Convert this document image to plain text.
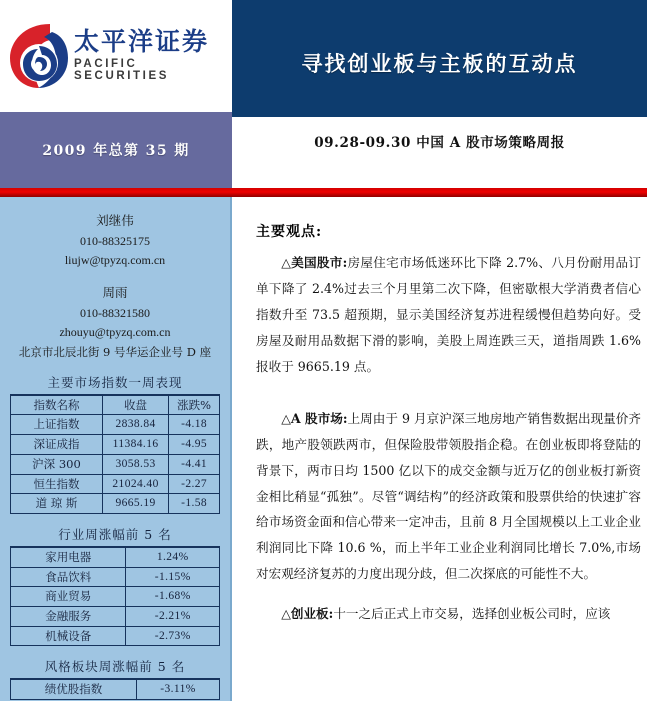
太平洋证券
PACIFIC SECURITIES	寻找创业板与主板的互动点
2009 年总第 35 期	09.28-09.30 中国 A 股市场策略周报
刘继伟
010-88325175
liujw@tpyzq.com.cn
周雨
010-88321580
zhouyu@tpyzq.com.cn
北京市北辰北街 9 号华运企业号 D 座
主要市场指数一周表现
指数名称	收盘	涨跌%
上证指数	2838.84	-4.18
深证成指	11384.16	-4.95
沪深 300	3058.53	-4.41
恒生指数	21024.40	-2.27
道 琼 斯	9665.19	-1.58
行业周涨幅前 5 名
家用电器	1.24%
食品饮料	-1.15%
商业贸易	-1.68%
金融服务	-2.21%
机械设备	-2.73%
风格板块周涨幅前 5 名
绩优股指数	-3.11%
主要观点:

△美国股市:房屋住宅市场低迷环比下降 2.7%、八月份耐用品订单下降了 2.4%过去三个月里第二次下降，但密歇根大学消费者信心指数升至 73.5 超预期，显示美国经济复苏进程缓慢但趋势向好。受房屋及耐用品数据下滑的影响，美股上周连跌三天，道指周跌 1.6%报收于 9665.19 点。

△A 股市场:上周由于 9 月京沪深三地房地产销售数据出现量价齐跌，地产股领跌两市，但保险股带领股指企稳。在创业板即将登陆的背景下，两市日均 1500 亿以下的成交金额与近万亿的创业板打新资金相比稍显“孤独”。尽管“调结构”的经济政策和股票供给的快速扩容给市场资金面和信心带来一定冲击，且前 8 月全国规模以上工业企业利润同比下降 10.6 %，而上半年工业企业利润同比增长 7.0%,市场对宏观经济复苏的力度出现分歧，但二次探底的可能性不大。

△创业板:十一之后正式上市交易，选择创业板公司时，应该
